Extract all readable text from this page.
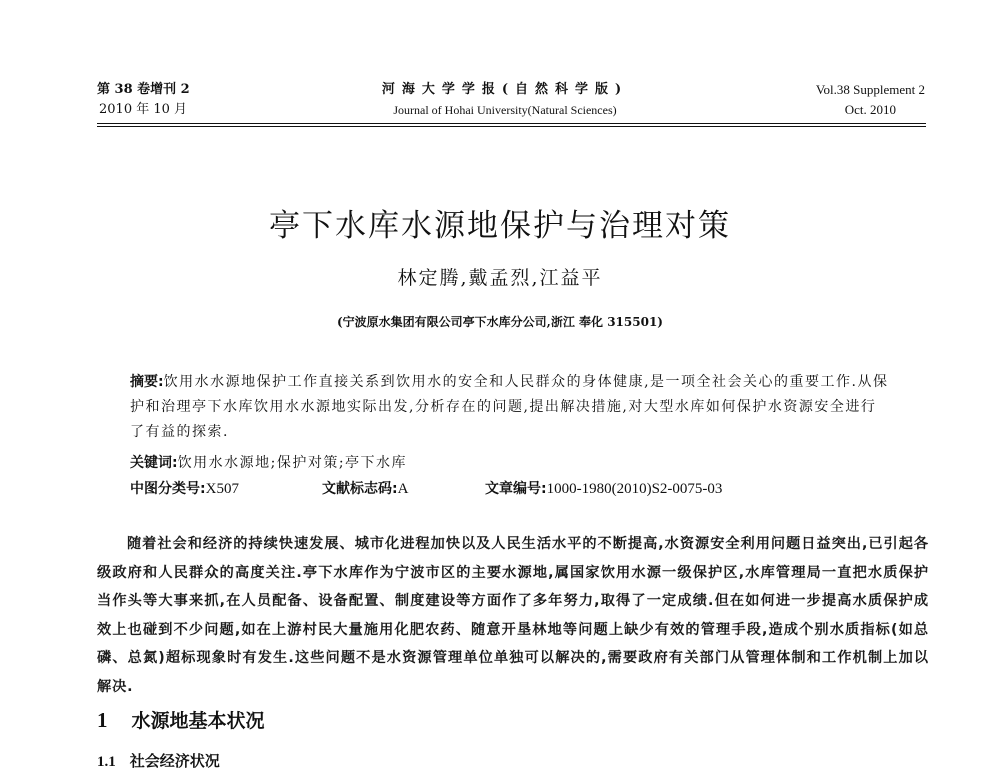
第 38 卷增刊 2
2010 年 10 月
河海大学学报(自然科学版)
Journal of Hohai University(Natural Sciences)
Vol.38 Supplement 2
Oct. 2010
亭下水库水源地保护与治理对策
林定腾,戴孟烈,江益平
(宁波原水集团有限公司亭下水库分公司,浙江 奉化 315501)
摘要:饮用水水源地保护工作直接关系到饮用水的安全和人民群众的身体健康,是一项全社会关心的重要工作.从保护和治理亭下水库饮用水水源地实际出发,分析存在的问题,提出解决措施,对大型水库如何保护水资源安全进行了有益的探索.
关键词:饮用水水源地;保护对策;亭下水库
中图分类号:X507	文献标志码:A	文章编号:1000-1980(2010)S2-0075-03
随着社会和经济的持续快速发展、城市化进程加快以及人民生活水平的不断提高,水资源安全利用问题日益突出,已引起各级政府和人民群众的高度关注.亭下水库作为宁波市区的主要水源地,属国家饮用水源一级保护区,水库管理局一直把水质保护当作头等大事来抓,在人员配备、设备配置、制度建设等方面作了多年努力,取得了一定成绩.但在如何进一步提高水质保护成效上也碰到不少问题,如在上游村民大量施用化肥农药、随意开垦林地等问题上缺少有效的管理手段,造成个别水质指标(如总磷、总氮)超标现象时有发生.这些问题不是水资源管理单位单独可以解决的,需要政府有关部门从管理体制和工作机制上加以解决.
1 水源地基本状况
1.1 社会经济状况
